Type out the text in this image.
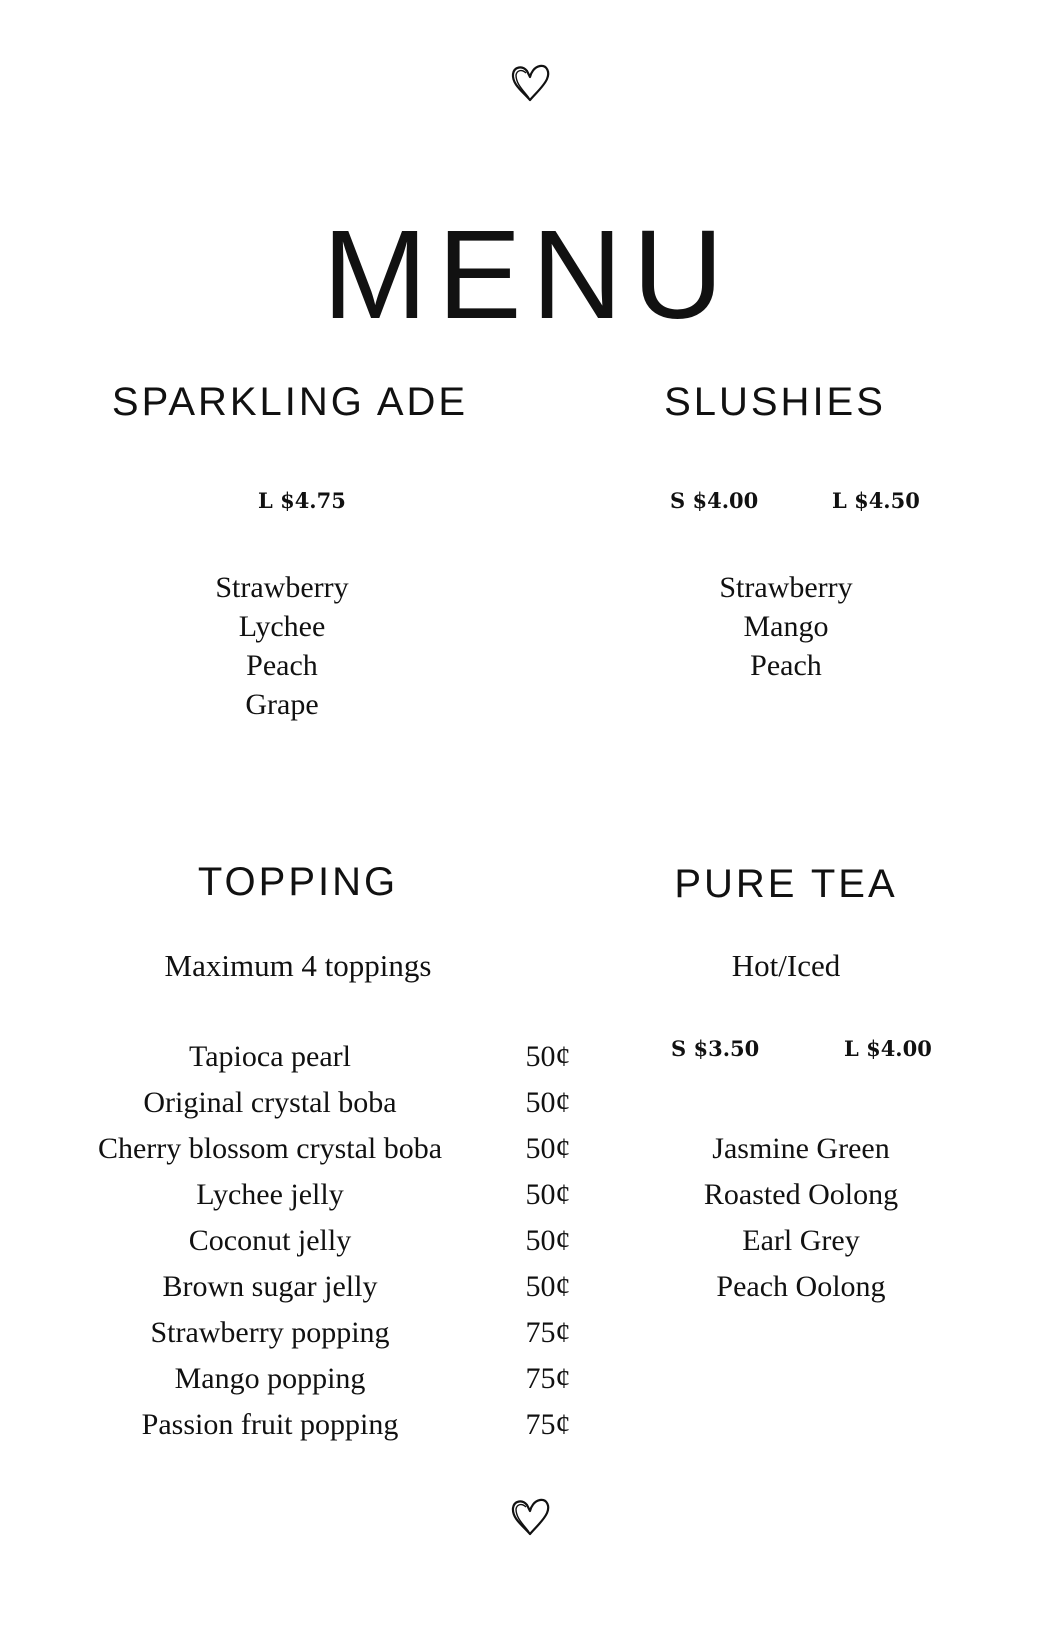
MENU
SPARKLING ADE
L $4.75
Strawberry
Lychee
Peach
Grape
SLUSHIES
S $4.00	L $4.50
Strawberry
Mango
Peach
TOPPING
Maximum 4 toppings
Tapioca pearl	50¢
Original crystal boba	50¢
Cherry blossom crystal boba	50¢
Lychee jelly	50¢
Coconut jelly	50¢
Brown sugar jelly	50¢
Strawberry popping	75¢
Mango popping	75¢
Passion fruit popping	75¢
PURE TEA
Hot/Iced
S $3.50	L $4.00
Jasmine Green
Roasted Oolong
Earl Grey
Peach Oolong
